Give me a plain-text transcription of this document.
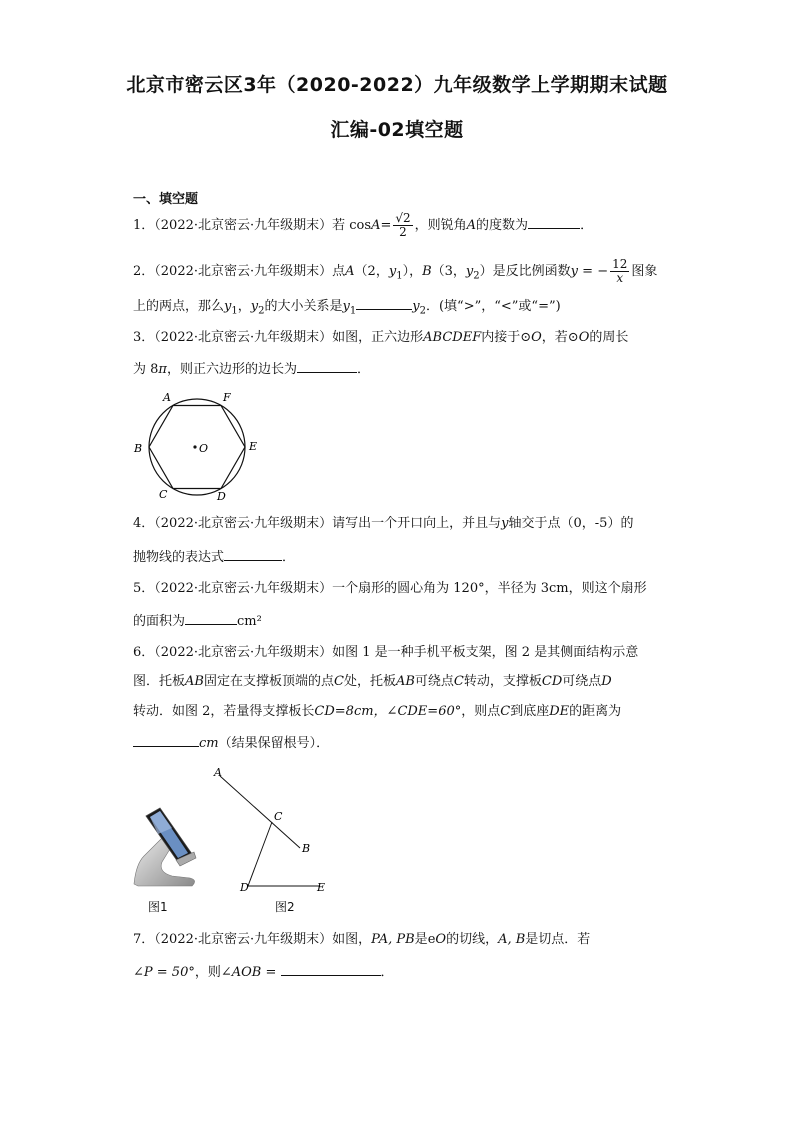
北京市密云区3年（2020-2022）九年级数学上学期期末试题
汇编-02填空题
一、填空题
1．（2022·北京密云·九年级期末）若 $\cos A= \frac{√2}{2}$ ，则锐角A的度数为	．
2．（2022·北京密云·九年级期末）点A（2，$y_1$），B（3，$y_2$）是反比例函数y = − $\frac{12}{x}$ 图象
上的两点，那么$y_1$，$y_2$的大小关系是$y_1$	$y_2$．(填“>”，“<”或“=”)
3．（2022·北京密云·九年级期末）如图，正六边形ABCDEF内接于⊙O，若⊙O的周长
为 8π，则正六边形的边长为	．
A	F
B	E
C	D
O
4．（2022·北京密云·九年级期末）请写出一个开口向上，并且与y轴交于点（0，-5）的
抛物线的表达式	．
5．（2022·北京密云·九年级期末）一个扇形的圆心角为 120°，半径为 3cm，则这个扇形
的面积为	cm²
6．（2022·北京密云·九年级期末）如图 1 是一种手机平板支架，图 2 是其侧面结构示意
图．托板AB固定在支撑板顶端的点C处，托板AB可绕点C转动，支撑板CD可绕点D
转动．如图 2，若量得支撑板长CD=8cm，∠CDE=60°，则点C到底座DE的距离为
cm（结果保留根号）．
图1
A
C
B
D	E
图2
7．（2022·北京密云·九年级期末）如图，PA, PB是eO的切线，A, B是切点．若
∠P = 50°，则∠AOB =	．
